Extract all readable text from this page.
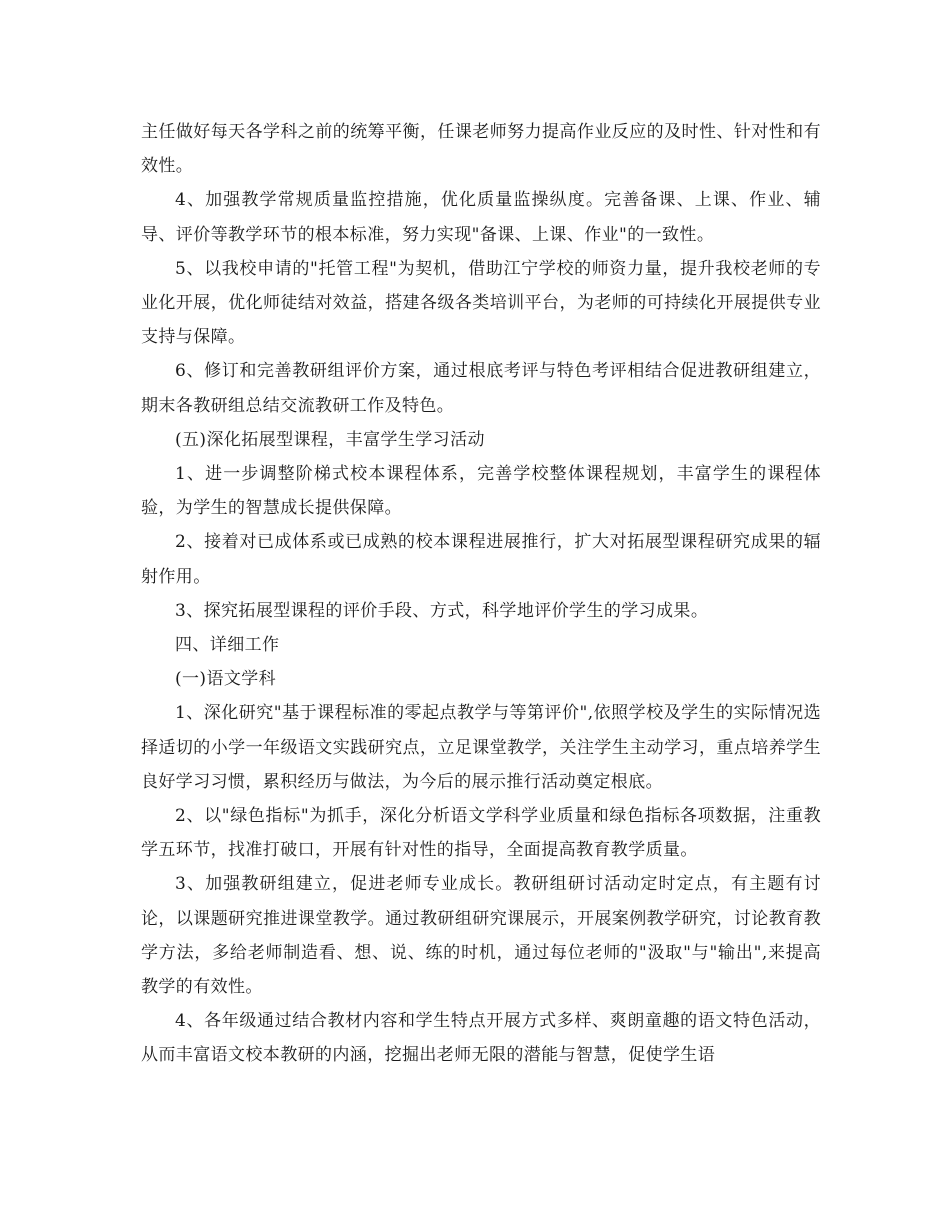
主任做好每天各学科之前的统筹平衡，任课老师努力提高作业反应的及时性、针对性和有效性。

4、加强教学常规质量监控措施，优化质量监操纵度。完善备课、上课、作业、辅导、评价等教学环节的根本标准，努力实现"备课、上课、作业"的一致性。

5、以我校申请的"托管工程"为契机，借助江宁学校的师资力量，提升我校老师的专业化开展，优化师徒结对效益，搭建各级各类培训平台，为老师的可持续化开展提供专业支持与保障。

6、修订和完善教研组评价方案，通过根底考评与特色考评相结合促进教研组建立，期末各教研组总结交流教研工作及特色。

(五)深化拓展型课程，丰富学生学习活动

1、进一步调整阶梯式校本课程体系，完善学校整体课程规划，丰富学生的课程体验，为学生的智慧成长提供保障。

2、接着对已成体系或已成熟的校本课程进展推行，扩大对拓展型课程研究成果的辐射作用。

3、探究拓展型课程的评价手段、方式，科学地评价学生的学习成果。

四、详细工作

(一)语文学科

1、深化研究"基于课程标准的零起点教学与等第评价",依照学校及学生的实际情况选择适切的小学一年级语文实践研究点，立足课堂教学，关注学生主动学习，重点培养学生良好学习习惯，累积经历与做法，为今后的展示推行活动奠定根底。

2、以"绿色指标"为抓手，深化分析语文学科学业质量和绿色指标各项数据，注重教学五环节，找准打破口，开展有针对性的指导，全面提高教育教学质量。

3、加强教研组建立，促进老师专业成长。教研组研讨活动定时定点，有主题有讨论，以课题研究推进课堂教学。通过教研组研究课展示，开展案例教学研究，讨论教育教学方法，多给老师制造看、想、说、练的时机，通过每位老师的"汲取"与"输出",来提高教学的有效性。

4、各年级通过结合教材内容和学生特点开展方式多样、爽朗童趣的语文特色活动，从而丰富语文校本教研的内涵，挖掘出老师无限的潜能与智慧，促使学生语
